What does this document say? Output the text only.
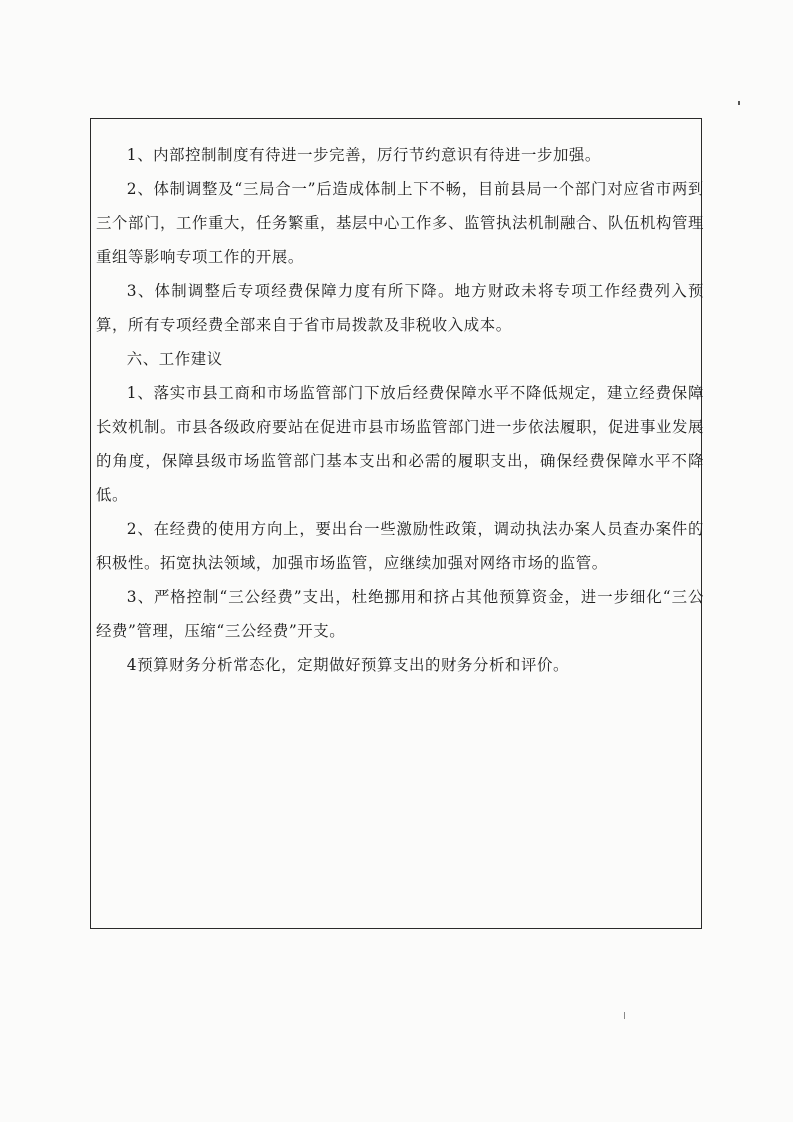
1、内部控制制度有待进一步完善，厉行节约意识有待进一步加强。

2、体制调整及“三局合一”后造成体制上下不畅，目前县局一个部门对应省市两到三个部门，工作重大，任务繁重，基层中心工作多、监管执法机制融合、队伍机构管理重组等影响专项工作的开展。

3、体制调整后专项经费保障力度有所下降。地方财政未将专项工作经费列入预算，所有专项经费全部来自于省市局拨款及非税收入成本。

六、工作建议

1、落实市县工商和市场监管部门下放后经费保障水平不降低规定，建立经费保障长效机制。市县各级政府要站在促进市县市场监管部门进一步依法履职，促进事业发展的角度，保障县级市场监管部门基本支出和必需的履职支出，确保经费保障水平不降低。

2、在经费的使用方向上，要出台一些激励性政策，调动执法办案人员查办案件的积极性。拓宽执法领域，加强市场监管，应继续加强对网络市场的监管。

3、严格控制“三公经费”支出，杜绝挪用和挤占其他预算资金，进一步细化“三公经费”管理，压缩“三公经费”开支。

4预算财务分析常态化，定期做好预算支出的财务分析和评价。
